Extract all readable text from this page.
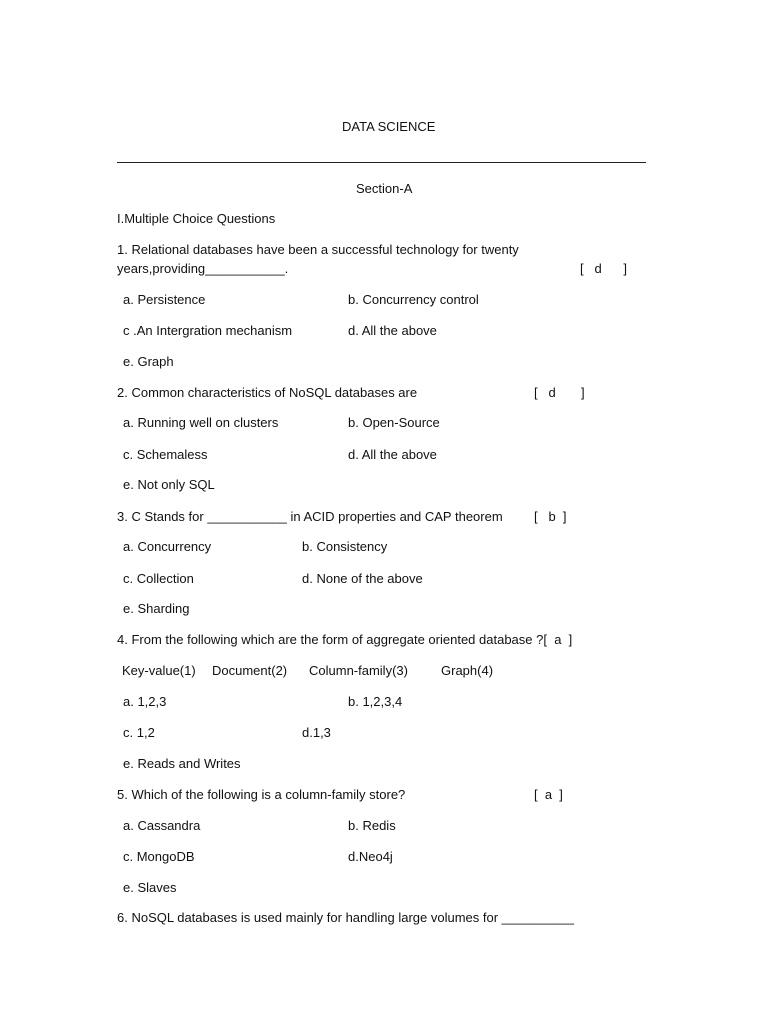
DATA SCIENCE
Section-A
I.Multiple Choice Questions
1. Relational databases have been a successful technology for twenty
years,providing___________.	[   d      ]
a. Persistence	b. Concurrency control
c .An Intergration mechanism	d. All the above
e. Graph
2. Common characteristics of NoSQL databases are	[   d       ]
a. Running well on clusters	b. Open-Source
c. Schemaless	d. All the above
e. Not only SQL
3. C Stands for ___________ in ACID properties and CAP theorem [   b  ]
a. Concurrency	b. Consistency
c. Collection	d. None of the above
e. Sharding
4. From the following which are the form of aggregate oriented database ?[  a  ]
Key-value(1) Document(2) Column-family(3)	Graph(4)
a. 1,2,3	b. 1,2,3,4
c. 1,2	d.1,3
e. Reads and Writes
5. Which of the following is a column-family store?	[  a  ]
a. Cassandra	b. Redis
c. MongoDB	d.Neo4j
e. Slaves
6. NoSQL databases is used mainly for handling large volumes for __________
